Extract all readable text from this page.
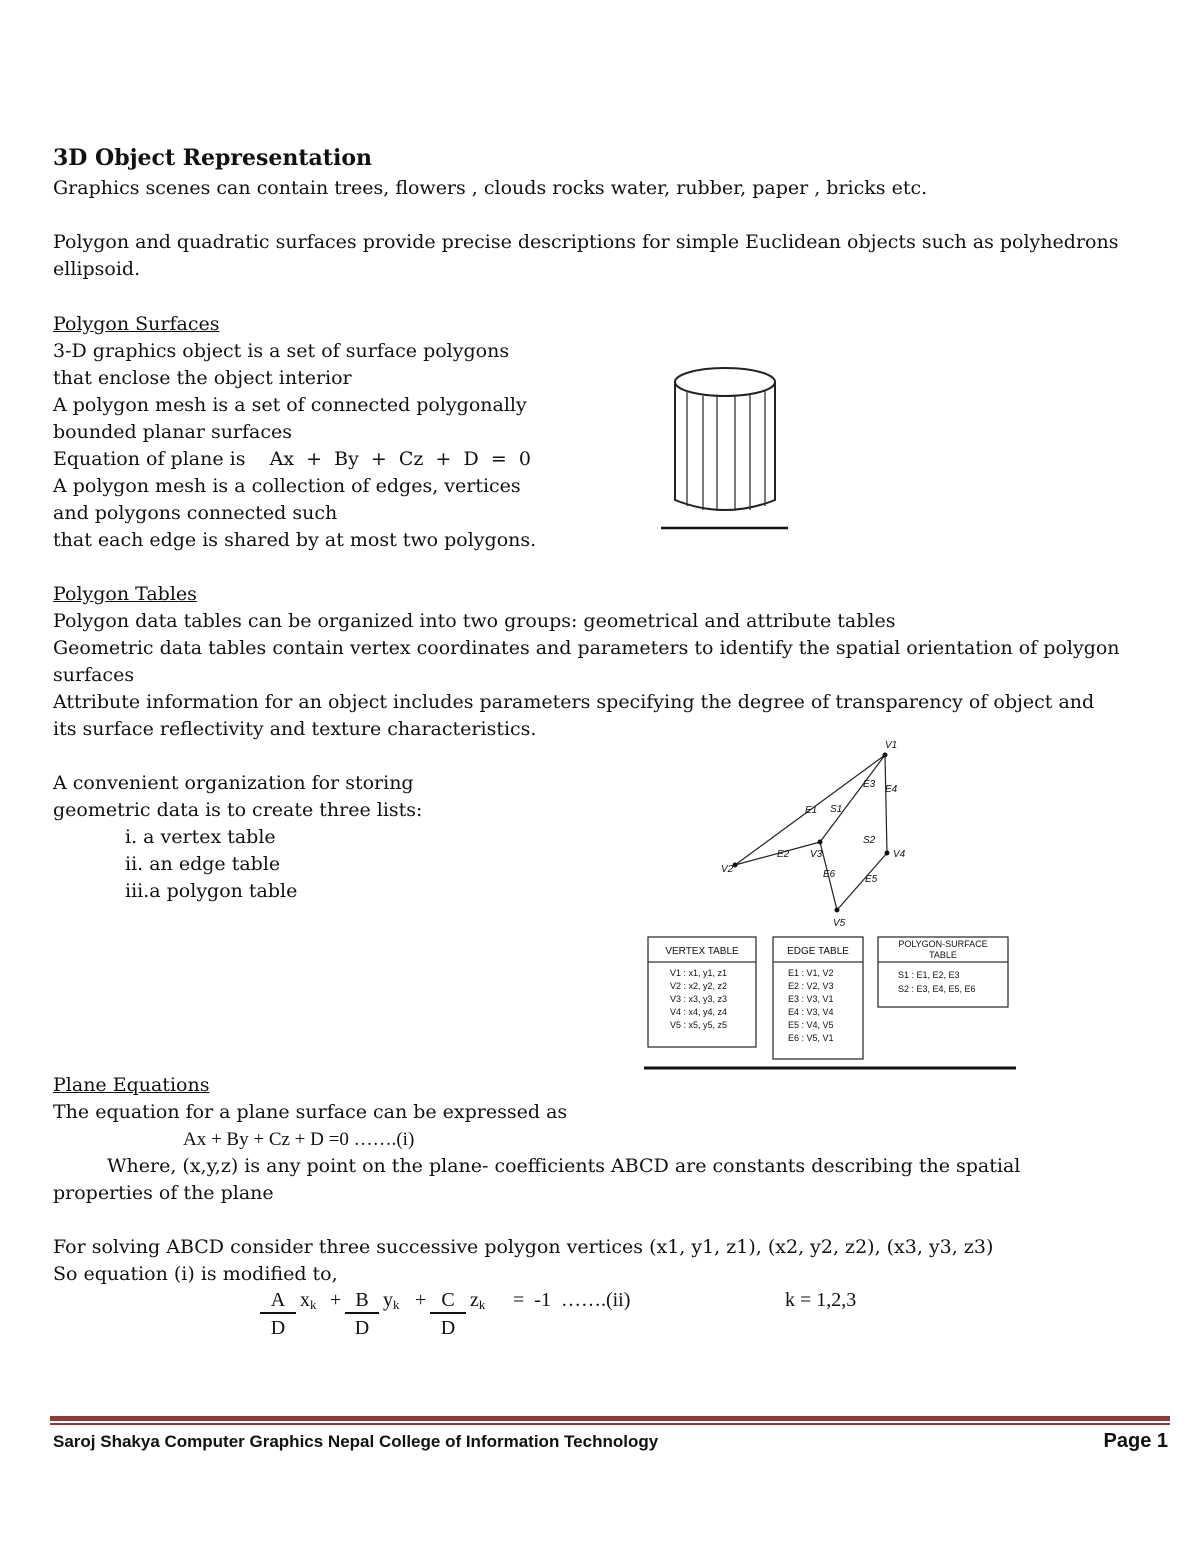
3D Object Representation
Graphics scenes can contain trees, flowers , clouds rocks water, rubber, paper , bricks etc.
Polygon and quadratic surfaces provide precise descriptions for simple Euclidean objects such as polyhedrons
ellipsoid.
Polygon Surfaces
3-D graphics object is a set of surface polygons
that enclose the object interior
A polygon mesh is a set of connected polygonally
bounded planar surfaces
Equation of plane is    Ax  +  By  +  Cz  +  D  =  0
A polygon mesh is a collection of edges, vertices
and polygons connected such
that each edge is shared by at most two polygons.
Polygon Tables
Polygon data tables can be organized into two groups: geometrical and attribute tables
Geometric data tables contain vertex coordinates and parameters to identify the spatial orientation of polygon
surfaces
Attribute information for an object includes parameters specifying the degree of transparency of object and
its surface reflectivity and texture characteristics.
A convenient organization for storing
geometric data is to create three lists:
i. a vertex table
ii. an edge table
iii.a polygon table
V1
V2
V3	V4
V5
E1
E2
E3 E4
E5
E6
S1
S2
VERTEX TABLE
V1 : x1, y1, z1
V2 : x2, y2, z2
V3 : x3, y3, z3
V4 : x4, y4, z4
V5 : x5, y5, z5
EDGE TABLE
E1 : V1, V2
E2 : V2, V3
E3 : V3, V1
E4 : V3, V4
E5 : V4, V5
E6 : V5, V1
POLYGON-SURFACE
TABLE
S1 : E1, E2, E3
S2 : E3, E4, E5, E6
Plane Equations
The equation for a plane surface can be expressed as
Ax + By + Cz + D =0 …….(i)
Where, (x,y,z) is any point on the plane- coefficients ABCD are constants describing the spatial
properties of the plane
For solving ABCD consider three successive polygon vertices (x1, y1, z1), (x2, y2, z2), (x3, y3, z3)
So equation (i) is modified to,
A
D
$x_k + B$
D
$y_k + C$
D
$z_k = -1$  …….(ii)	k = 1,2,3
Saroj Shakya Computer Graphics Nepal College of Information Technology	Page 1
